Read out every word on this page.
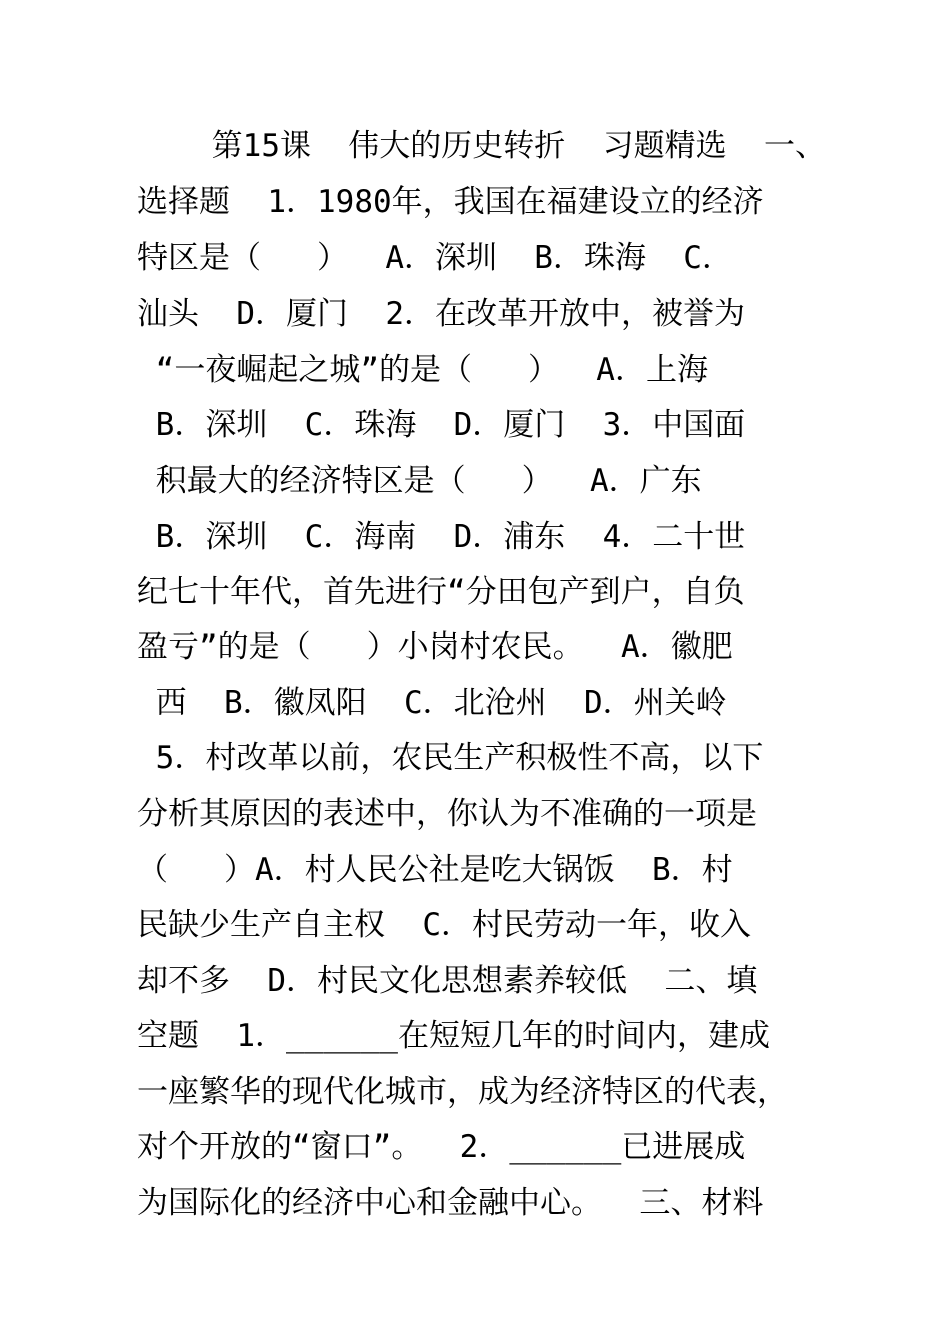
第15课  伟大的历史转折  习题精选  一、
选择题  1．1980年，我国在福建设立的经济
特区是（   ）  A．深圳  B．珠海  C．
汕头  D．厦门  2．在改革开放中，被誉为
“一夜崛起之城”的是（   ）  A．上海
B．深圳  C．珠海  D．厦门  3．中国面
积最大的经济特区是（   ）  A．广东
B．深圳  C．海南  D．浦东  4．二十世
纪七十年代，首先进行“分田包产到户，自负
盈亏”的是（   ）小岗村农民。  A．徽肥
西  B．徽凤阳  C．北沧州  D．州关岭
5．村改革以前，农民生产积极性不高，以下
分析其原因的表述中，你认为不准确的一项是
（   ）A．村人民公社是吃大锅饭  B．村
民缺少生产自主权  C．村民劳动一年，收入
却不多  D．村民文化思想素养较低  二、填
空题  1．______在短短几年的时间内，建成
一座繁华的现代化城市，成为经济特区的代表，
对个开放的“窗口”。  2．______已进展成
为国际化的经济中心和金融中心。  三、材料
